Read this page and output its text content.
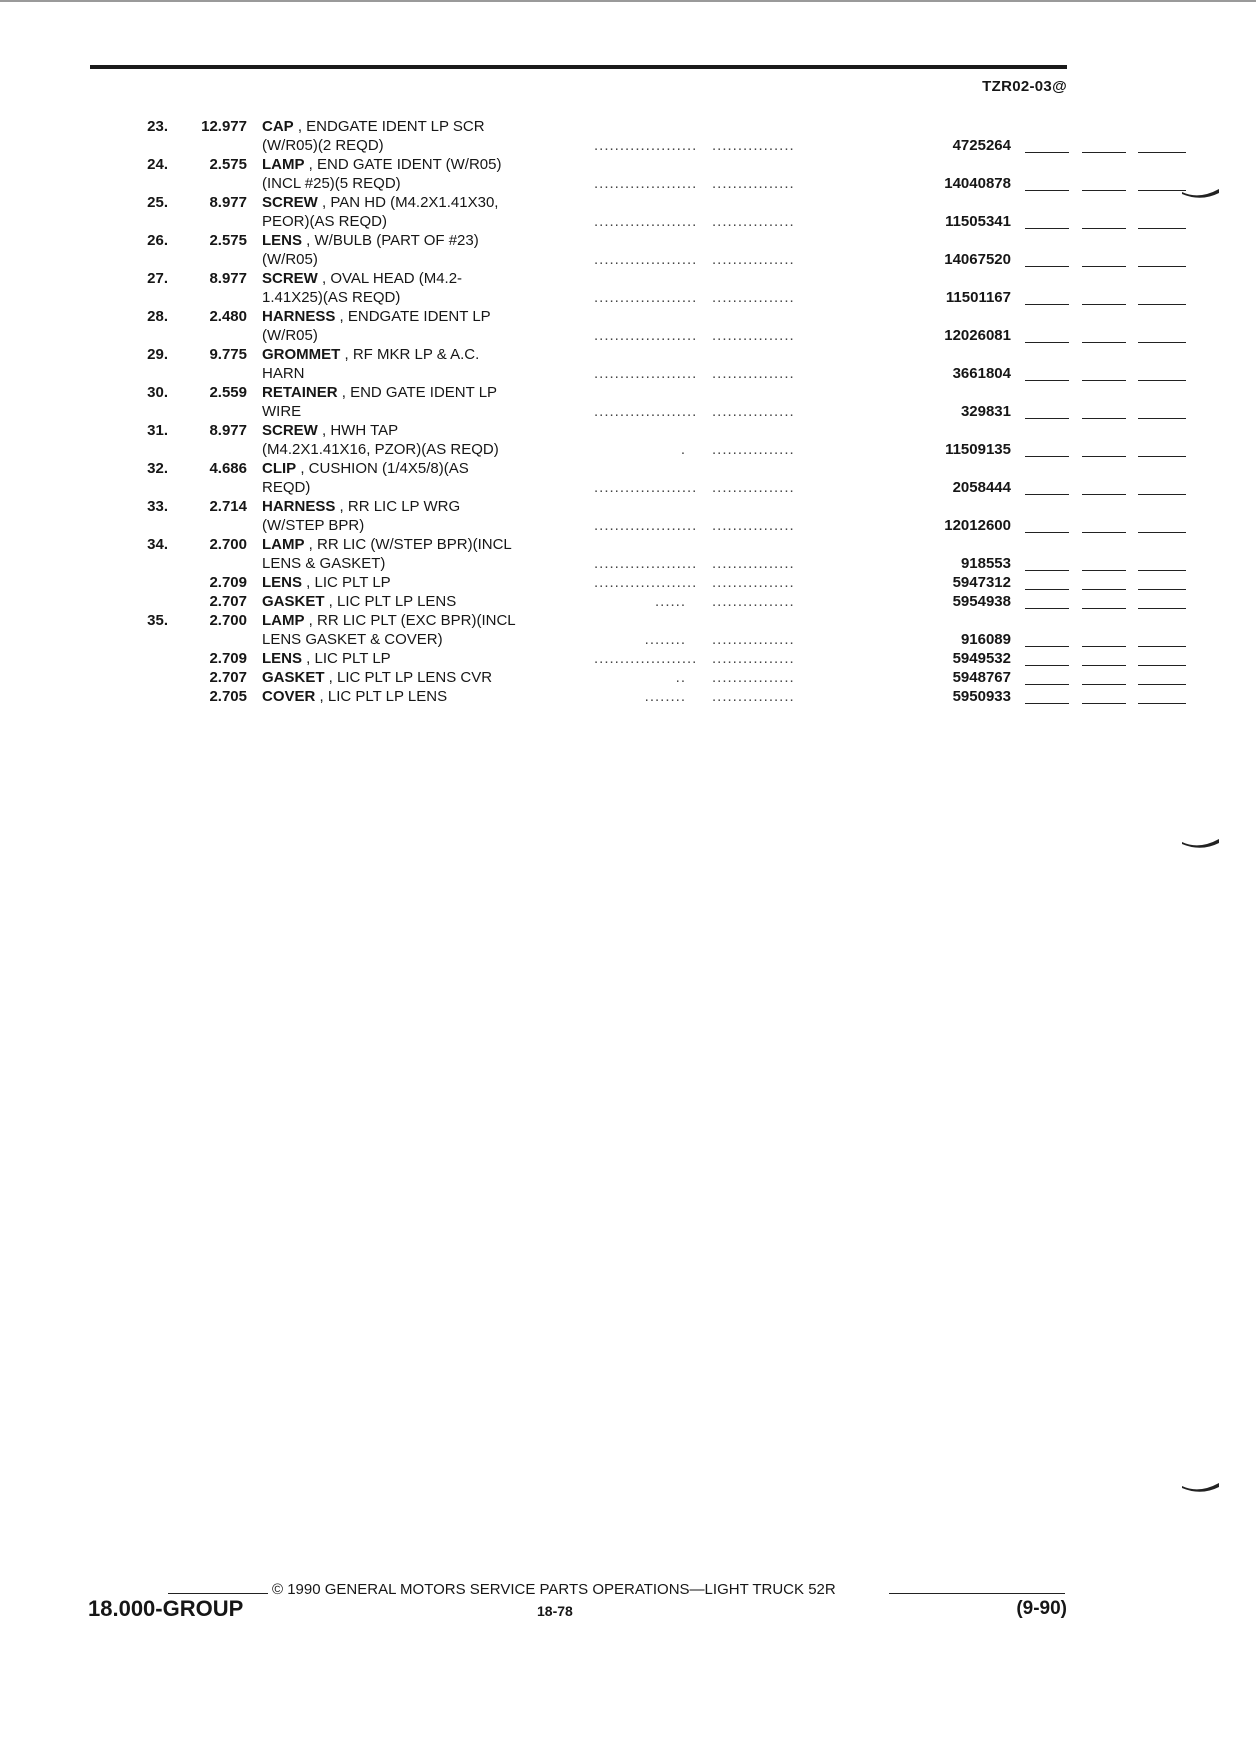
TZR02-03@
23.	12.977 CAP , ENDGATE IDENT LP SCR
(W/R05)(2 REQD)	.................... ................	4725264
24.	2.575 LAMP , END GATE IDENT (W/R05)
(INCL #25)(5 REQD)	.................... ................	14040878
25.	8.977 SCREW , PAN HD (M4.2X1.41X30,
PEOR)(AS REQD)	.................... ................	11505341
26.	2.575 LENS , W/BULB (PART OF #23)
(W/R05)	.................... ................	14067520
27.	8.977 SCREW , OVAL HEAD (M4.2-
1.41X25)(AS REQD)	.................... ................	11501167
28.	2.480 HARNESS , ENDGATE IDENT LP
(W/R05)	.................... ................	12026081
29.	9.775 GROMMET , RF MKR LP & A.C.
HARN	.................... ................	3661804
30.	2.559 RETAINER , END GATE IDENT LP
WIRE	.................... ................	329831
31.	8.977 SCREW , HWH TAP
(M4.2X1.41X16, PZOR)(AS REQD)	. ................	11509135
32.	4.686 CLIP , CUSHION (1/4X5/8)(AS
REQD)	.................... ................	2058444
33.	2.714 HARNESS , RR LIC LP WRG
(W/STEP BPR)	.................... ................	12012600
34.	2.700 LAMP , RR LIC (W/STEP BPR)(INCL
LENS & GASKET)	.................... ................	918553
2.709 LENS , LIC PLT LP	.................... ................	5947312
2.707 GASKET , LIC PLT LP LENS	...... ................	5954938
35.	2.700 LAMP , RR LIC PLT (EXC BPR)(INCL
LENS GASKET & COVER)	........ ................	916089
2.709 LENS , LIC PLT LP	.................... ................	5949532
2.707 GASKET , LIC PLT LP LENS CVR	.. ................	5948767
2.705 COVER , LIC PLT LP LENS	........ ................	5950933
© 1990 GENERAL MOTORS SERVICE PARTS OPERATIONS—LIGHT TRUCK 52R
18.000-GROUP	18-78	(9-90)
